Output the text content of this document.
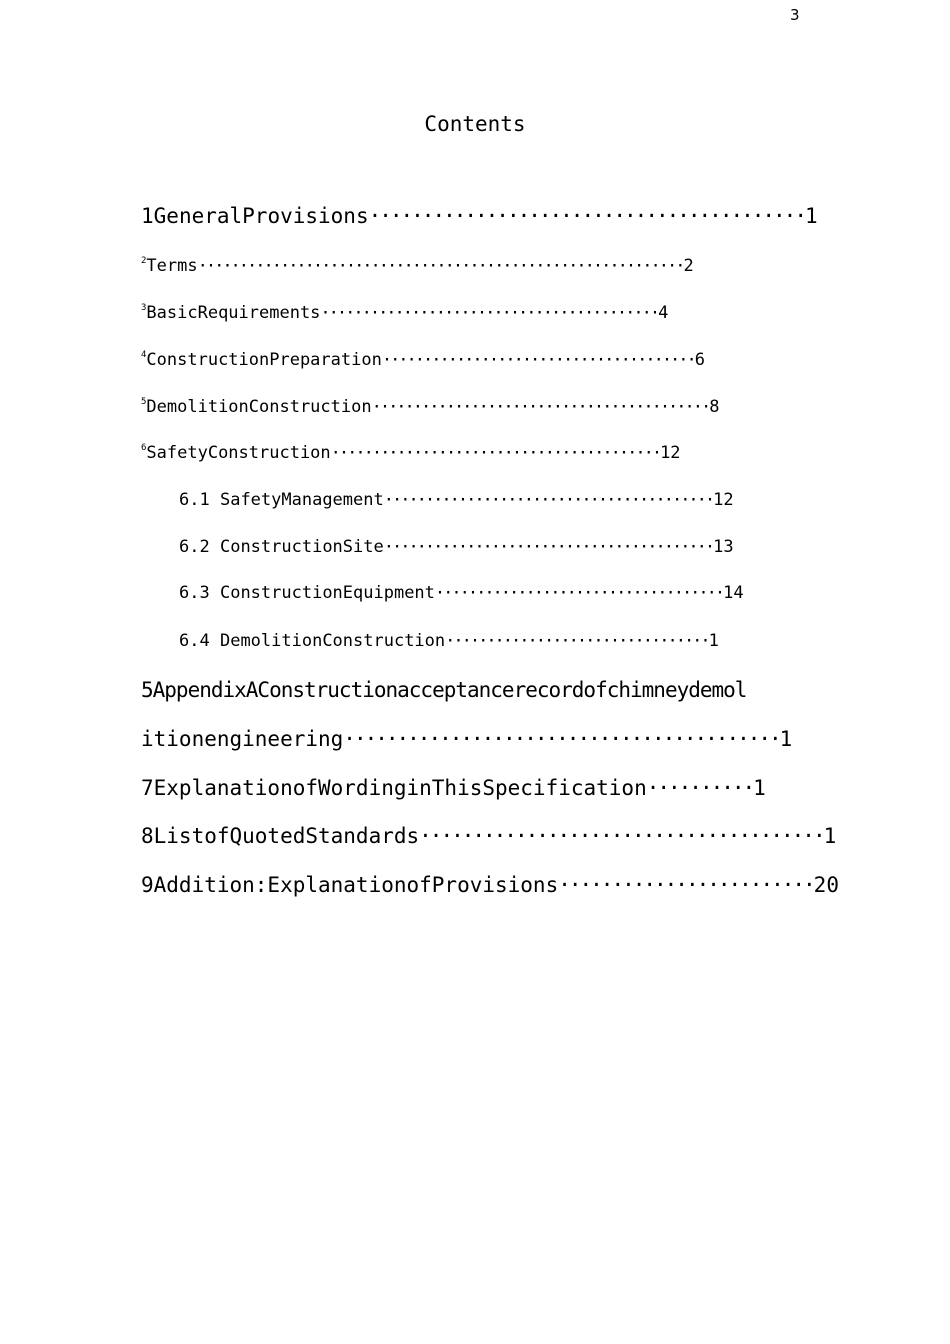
3
Contents
1GeneralProvisions·········································1
$^2$Terms···························································2
$^3$BasicRequirements·········································4
$^4$ConstructionPreparation······································6
$^5$DemolitionConstruction·········································8
$^6$SafetyConstruction········································12
6.1 SafetyManagement········································12
6.2 ConstructionSite········································13
6.3 ConstructionEquipment···································14
6.4 DemolitionConstruction································1
5AppendixAConstructionacceptancerecordofchimneydemol
itionengineering·········································1
7ExplanationofWordinginThisSpecification··········1
8ListofQuotedStandards······································1
9Addition:ExplanationofProvisions························20
